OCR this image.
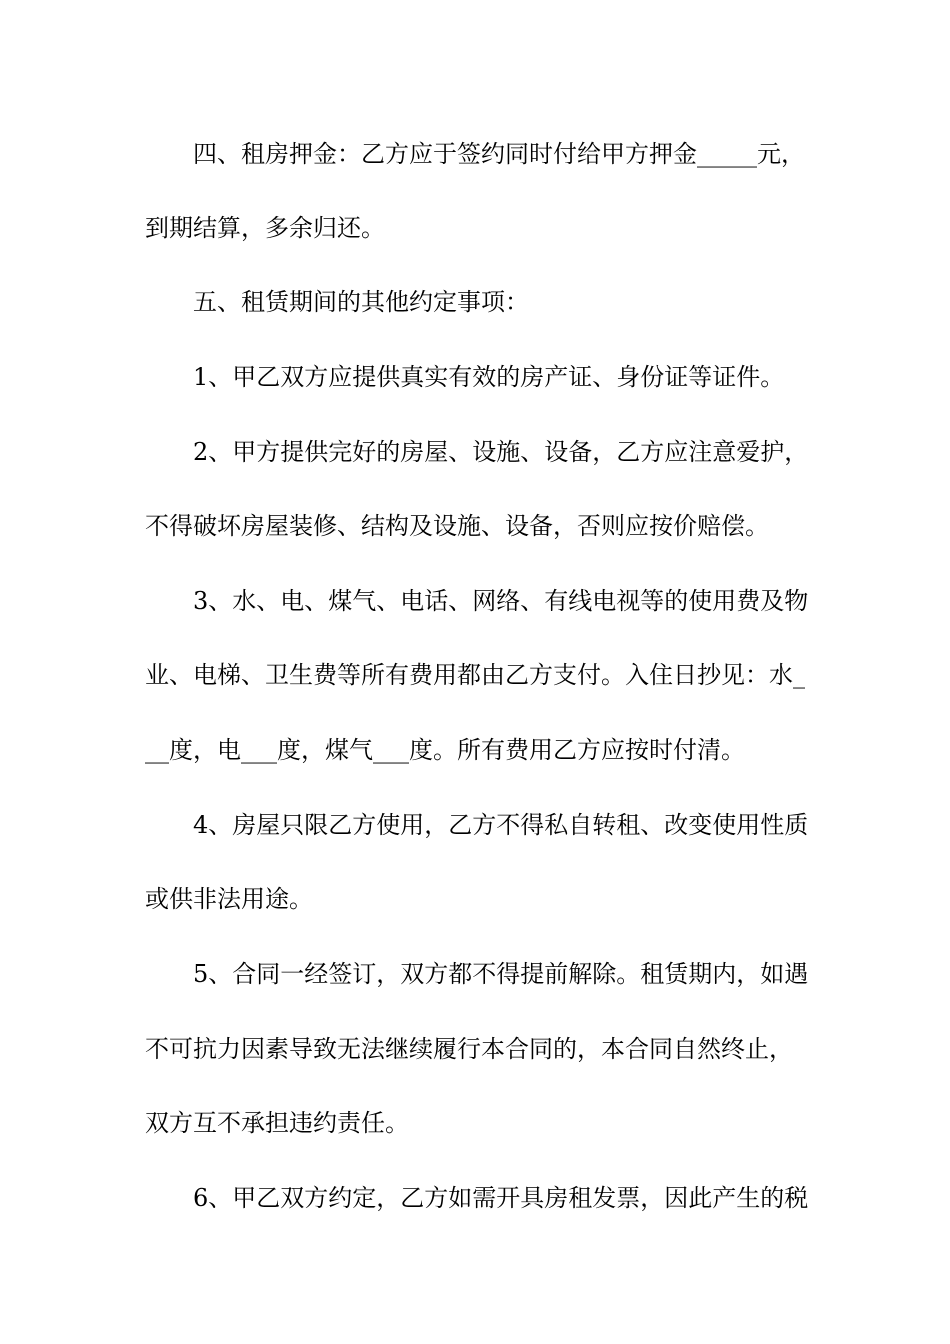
四、租房押金：乙方应于签约同时付给甲方押金_____元，
到期结算，多余归还。
五、租赁期间的其他约定事项：
1、甲乙双方应提供真实有效的房产证、身份证等证件。
2、甲方提供完好的房屋、设施、设备，乙方应注意爱护，
不得破坏房屋装修、结构及设施、设备，否则应按价赔偿。
3、水、电、煤气、电话、网络、有线电视等的使用费及物
业、电梯、卫生费等所有费用都由乙方支付。入住日抄见：水_
__度，电___度，煤气___度。所有费用乙方应按时付清。
4、房屋只限乙方使用，乙方不得私自转租、改变使用性质
或供非法用途。
5、合同一经签订，双方都不得提前解除。租赁期内，如遇
不可抗力因素导致无法继续履行本合同的，本合同自然终止，
双方互不承担违约责任。
6、甲乙双方约定，乙方如需开具房租发票，因此产生的税
